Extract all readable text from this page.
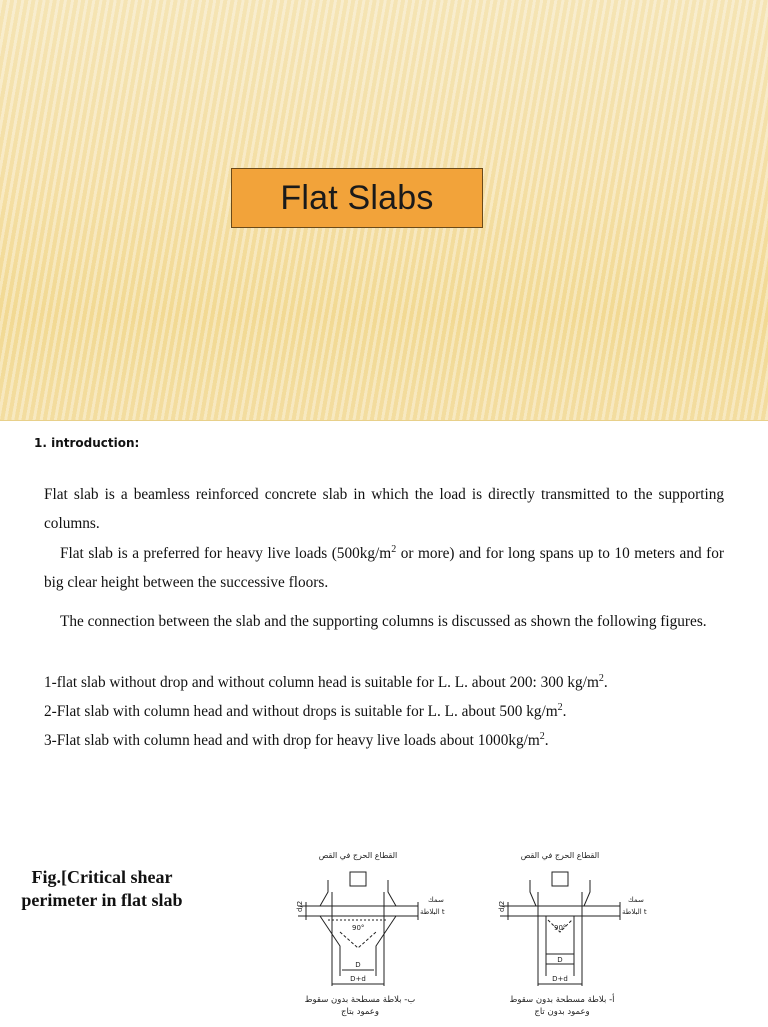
Flat Slabs
1. introduction:
Flat slab is a beamless reinforced concrete slab in which the load is directly transmitted to the supporting columns.
Flat slab is a preferred for heavy live loads ($500kg/m^2$ or more) and for long spans up to 10 meters and for big clear height between the successive floors.
The connection between the slab and the supporting columns is discussed as shown the following figures.
1-flat slab without drop and without column head is suitable for L. L. about 200: 300 $kg/m^2$.
2-Flat slab with column head and without drops is suitable for L. L. about 500 $kg/m^2$.
3-Flat slab with column head and with drop for heavy live loads about $1000kg/m^2$.
Fig.[Critical shear perimeter in flat slab
القطاع الحرج في القص
سمك
البلاطة t
d/2
90°
D
D+d
ب- بلاطة مسطحة بدون سقوط
وعمود بتاج
القطاع الحرج في القص
سمك
البلاطة t
d/2
90°
D
D+d
أ- بلاطة مسطحة بدون سقوط
وعمود بدون تاج
